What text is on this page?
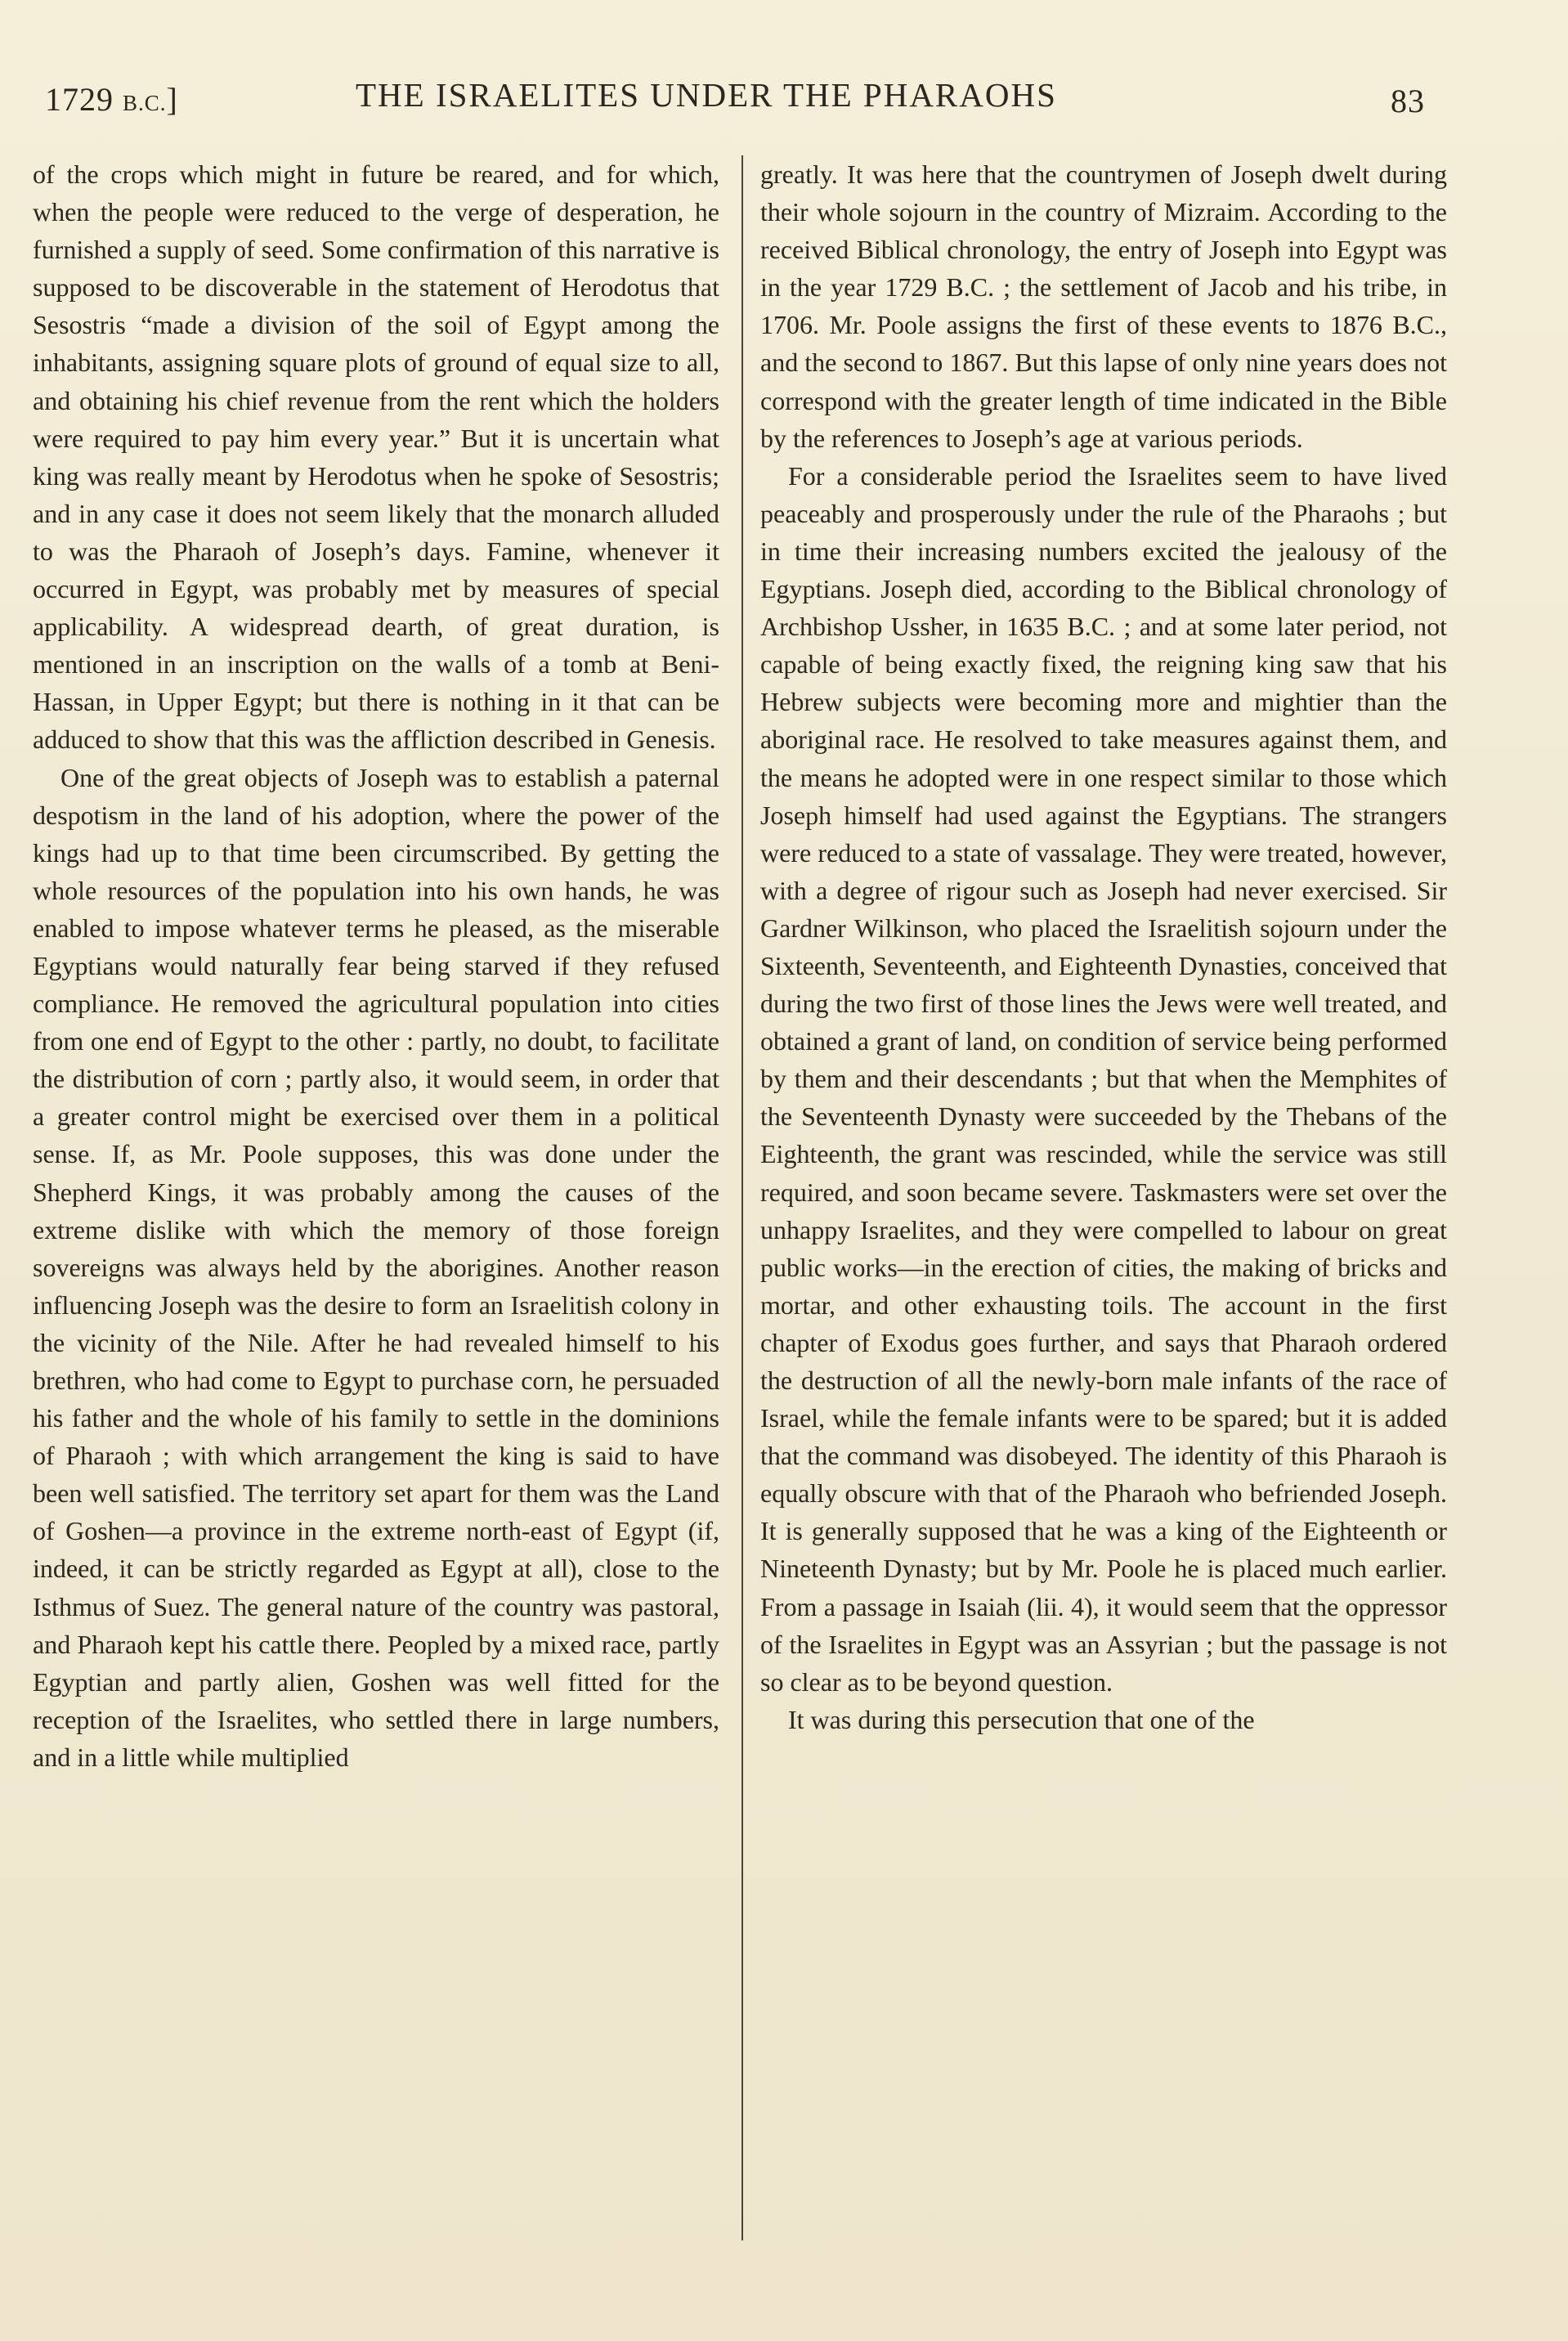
1729 B.C.]	THE ISRAELITES UNDER THE PHARAOHS	83

of the crops which might in future be reared, and for which, when the people were reduced to the verge of desperation, he furnished a supply of seed. Some confirmation of this narrative is supposed to be discoverable in the statement of Herodotus that Sesostris “made a division of the soil of Egypt among the inhabitants, assigning square plots of ground of equal size to all, and obtaining his chief revenue from the rent which the holders were required to pay him every year.” But it is uncertain what king was really meant by Herodotus when he spoke of Sesostris; and in any case it does not seem likely that the monarch alluded to was the Pharaoh of Joseph’s days. Famine, whenever it occurred in Egypt, was probably met by measures of special applicability. A widespread dearth, of great duration, is mentioned in an inscription on the walls of a tomb at Beni-Hassan, in Upper Egypt; but there is nothing in it that can be adduced to show that this was the affliction described in Genesis.

One of the great objects of Joseph was to establish a paternal despotism in the land of his adoption, where the power of the kings had up to that time been circumscribed. By getting the whole resources of the population into his own hands, he was enabled to impose whatever terms he pleased, as the miserable Egyptians would naturally fear being starved if they refused compliance. He removed the agricultural population into cities from one end of Egypt to the other : partly, no doubt, to facilitate the distribution of corn ; partly also, it would seem, in order that a greater control might be exercised over them in a political sense. If, as Mr. Poole supposes, this was done under the Shepherd Kings, it was probably among the causes of the extreme dislike with which the memory of those foreign sovereigns was always held by the aborigines. Another reason influencing Joseph was the desire to form an Israelitish colony in the vicinity of the Nile. After he had revealed himself to his brethren, who had come to Egypt to purchase corn, he persuaded his father and the whole of his family to settle in the dominions of Pharaoh ; with which arrangement the king is said to have been well satisfied. The territory set apart for them was the Land of Goshen—a province in the extreme north-east of Egypt (if, indeed, it can be strictly regarded as Egypt at all), close to the Isthmus of Suez. The general nature of the country was pastoral, and Pharaoh kept his cattle there. Peopled by a mixed race, partly Egyptian and partly alien, Goshen was well fitted for the reception of the Israelites, who settled there in large numbers, and in a little while multiplied

greatly. It was here that the countrymen of Joseph dwelt during their whole sojourn in the country of Mizraim. According to the received Biblical chronology, the entry of Joseph into Egypt was in the year 1729 B.C. ; the settlement of Jacob and his tribe, in 1706. Mr. Poole assigns the first of these events to 1876 B.C., and the second to 1867. But this lapse of only nine years does not correspond with the greater length of time indicated in the Bible by the references to Joseph’s age at various periods.

For a considerable period the Israelites seem to have lived peaceably and prosperously under the rule of the Pharaohs ; but in time their increasing numbers excited the jealousy of the Egyptians. Joseph died, according to the Biblical chronology of Archbishop Ussher, in 1635 B.C. ; and at some later period, not capable of being exactly fixed, the reigning king saw that his Hebrew subjects were becoming more and mightier than the aboriginal race. He resolved to take measures against them, and the means he adopted were in one respect similar to those which Joseph himself had used against the Egyptians. The strangers were reduced to a state of vassalage. They were treated, however, with a degree of rigour such as Joseph had never exercised. Sir Gardner Wilkinson, who placed the Israelitish sojourn under the Sixteenth, Seventeenth, and Eighteenth Dynasties, conceived that during the two first of those lines the Jews were well treated, and obtained a grant of land, on condition of service being performed by them and their descendants ; but that when the Memphites of the Seventeenth Dynasty were succeeded by the Thebans of the Eighteenth, the grant was rescinded, while the service was still required, and soon became severe. Taskmasters were set over the unhappy Israelites, and they were compelled to labour on great public works—in the erection of cities, the making of bricks and mortar, and other exhausting toils. The account in the first chapter of Exodus goes further, and says that Pharaoh ordered the destruction of all the newly-born male infants of the race of Israel, while the female infants were to be spared; but it is added that the command was disobeyed. The identity of this Pharaoh is equally obscure with that of the Pharaoh who befriended Joseph. It is generally supposed that he was a king of the Eighteenth or Nineteenth Dynasty; but by Mr. Poole he is placed much earlier. From a passage in Isaiah (lii. 4), it would seem that the oppressor of the Israelites in Egypt was an Assyrian ; but the passage is not so clear as to be beyond question.

It was during this persecution that one of the
